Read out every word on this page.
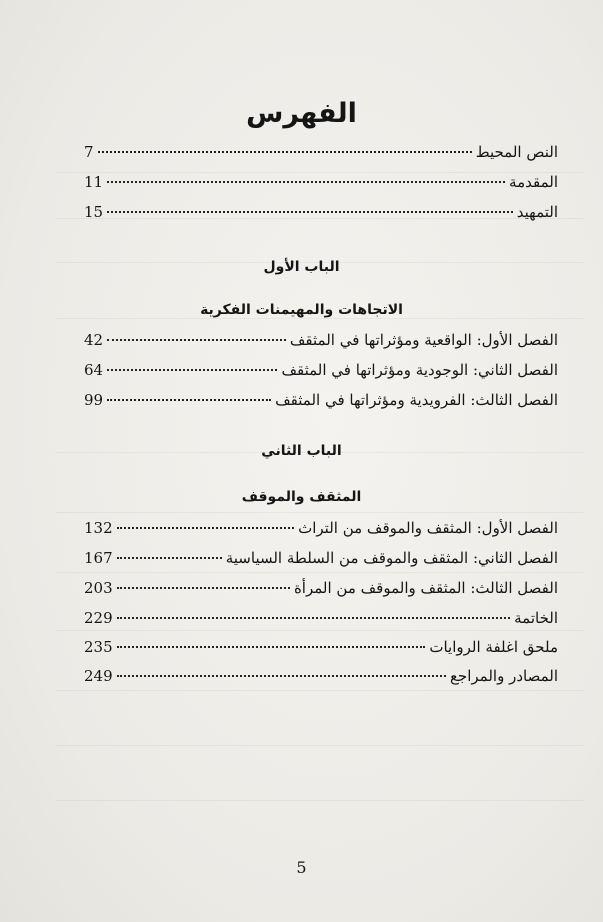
الفهرس
النص المحيط
7
المقدمة
11
التمهيد
15
الفصل الأول: الواقعية ومؤثراتها في المثقف
42
الفصل الثاني: الوجودية ومؤثراتها في المثقف
64
الفصل الثالث: الفرويدية ومؤثراتها في المثقف
99
الفصل الأول: المثقف والموقف من التراث
132
الفصل الثاني: المثقف والموقف من السلطة السياسية
167
الفصل الثالث: المثقف والموقف من المرأة
203
الخاتمة
229
ملحق اغلفة الروايات
235
المصادر والمراجع
249
الباب الأول
الاتجاهات والمهيمنات الفكرية
الباب الثاني
المثقف والموقف
5
